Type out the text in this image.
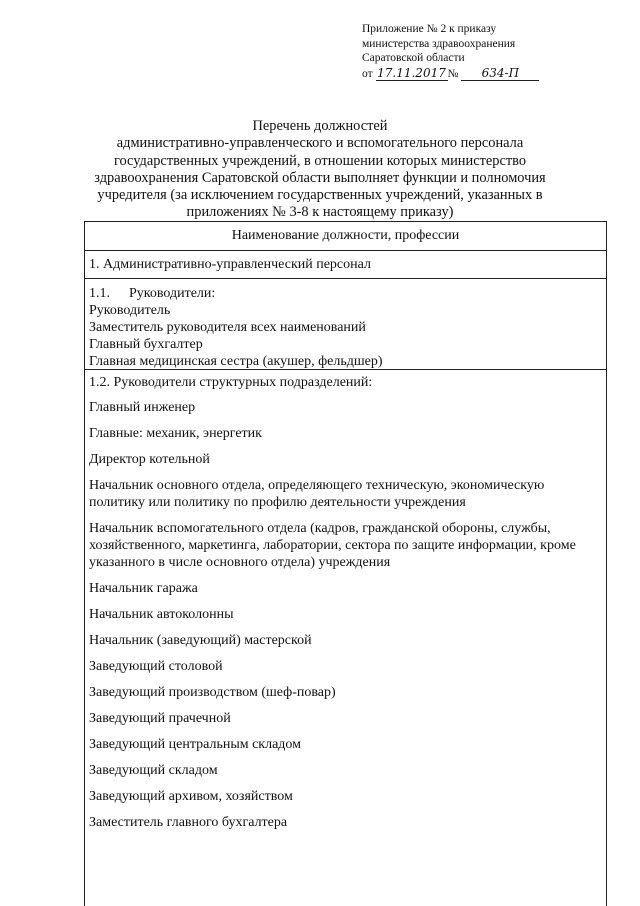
Приложение № 2 к приказу
министерства здравоохранения
Саратовской области
от 17.11.2017 № 634-П
Перечень должностей
административно-управленческого и вспомогательного персонала
государственных учреждений, в отношении которых министерство
здравоохранения Саратовской области выполняет функции и полномочия
учредителя (за исключением государственных учреждений, указанных в
приложениях № 3-8 к настоящему приказу)
Наименование должности, профессии
1. Административно-управленческий персонал
1.1.	Руководители:
Руководитель
Заместитель руководителя всех наименований
Главный бухгалтер
Главная медицинская сестра (акушер, фельдшер)
1.2. Руководители структурных подразделений:
Главный инженер
Главные: механик, энергетик
Директор котельной
Начальник основного отдела, определяющего техническую, экономическую политику или политику по профилю деятельности учреждения
Начальник вспомогательного отдела (кадров, гражданской обороны, службы, хозяйственного, маркетинга, лаборатории, сектора по защите информации, кроме указанного в числе основного отдела) учреждения
Начальник гаража
Начальник автоколонны
Начальник (заведующий) мастерской
Заведующий столовой
Заведующий производством (шеф-повар)
Заведующий прачечной
Заведующий центральным складом
Заведующий складом
Заведующий архивом, хозяйством
Заместитель главного бухгалтера
